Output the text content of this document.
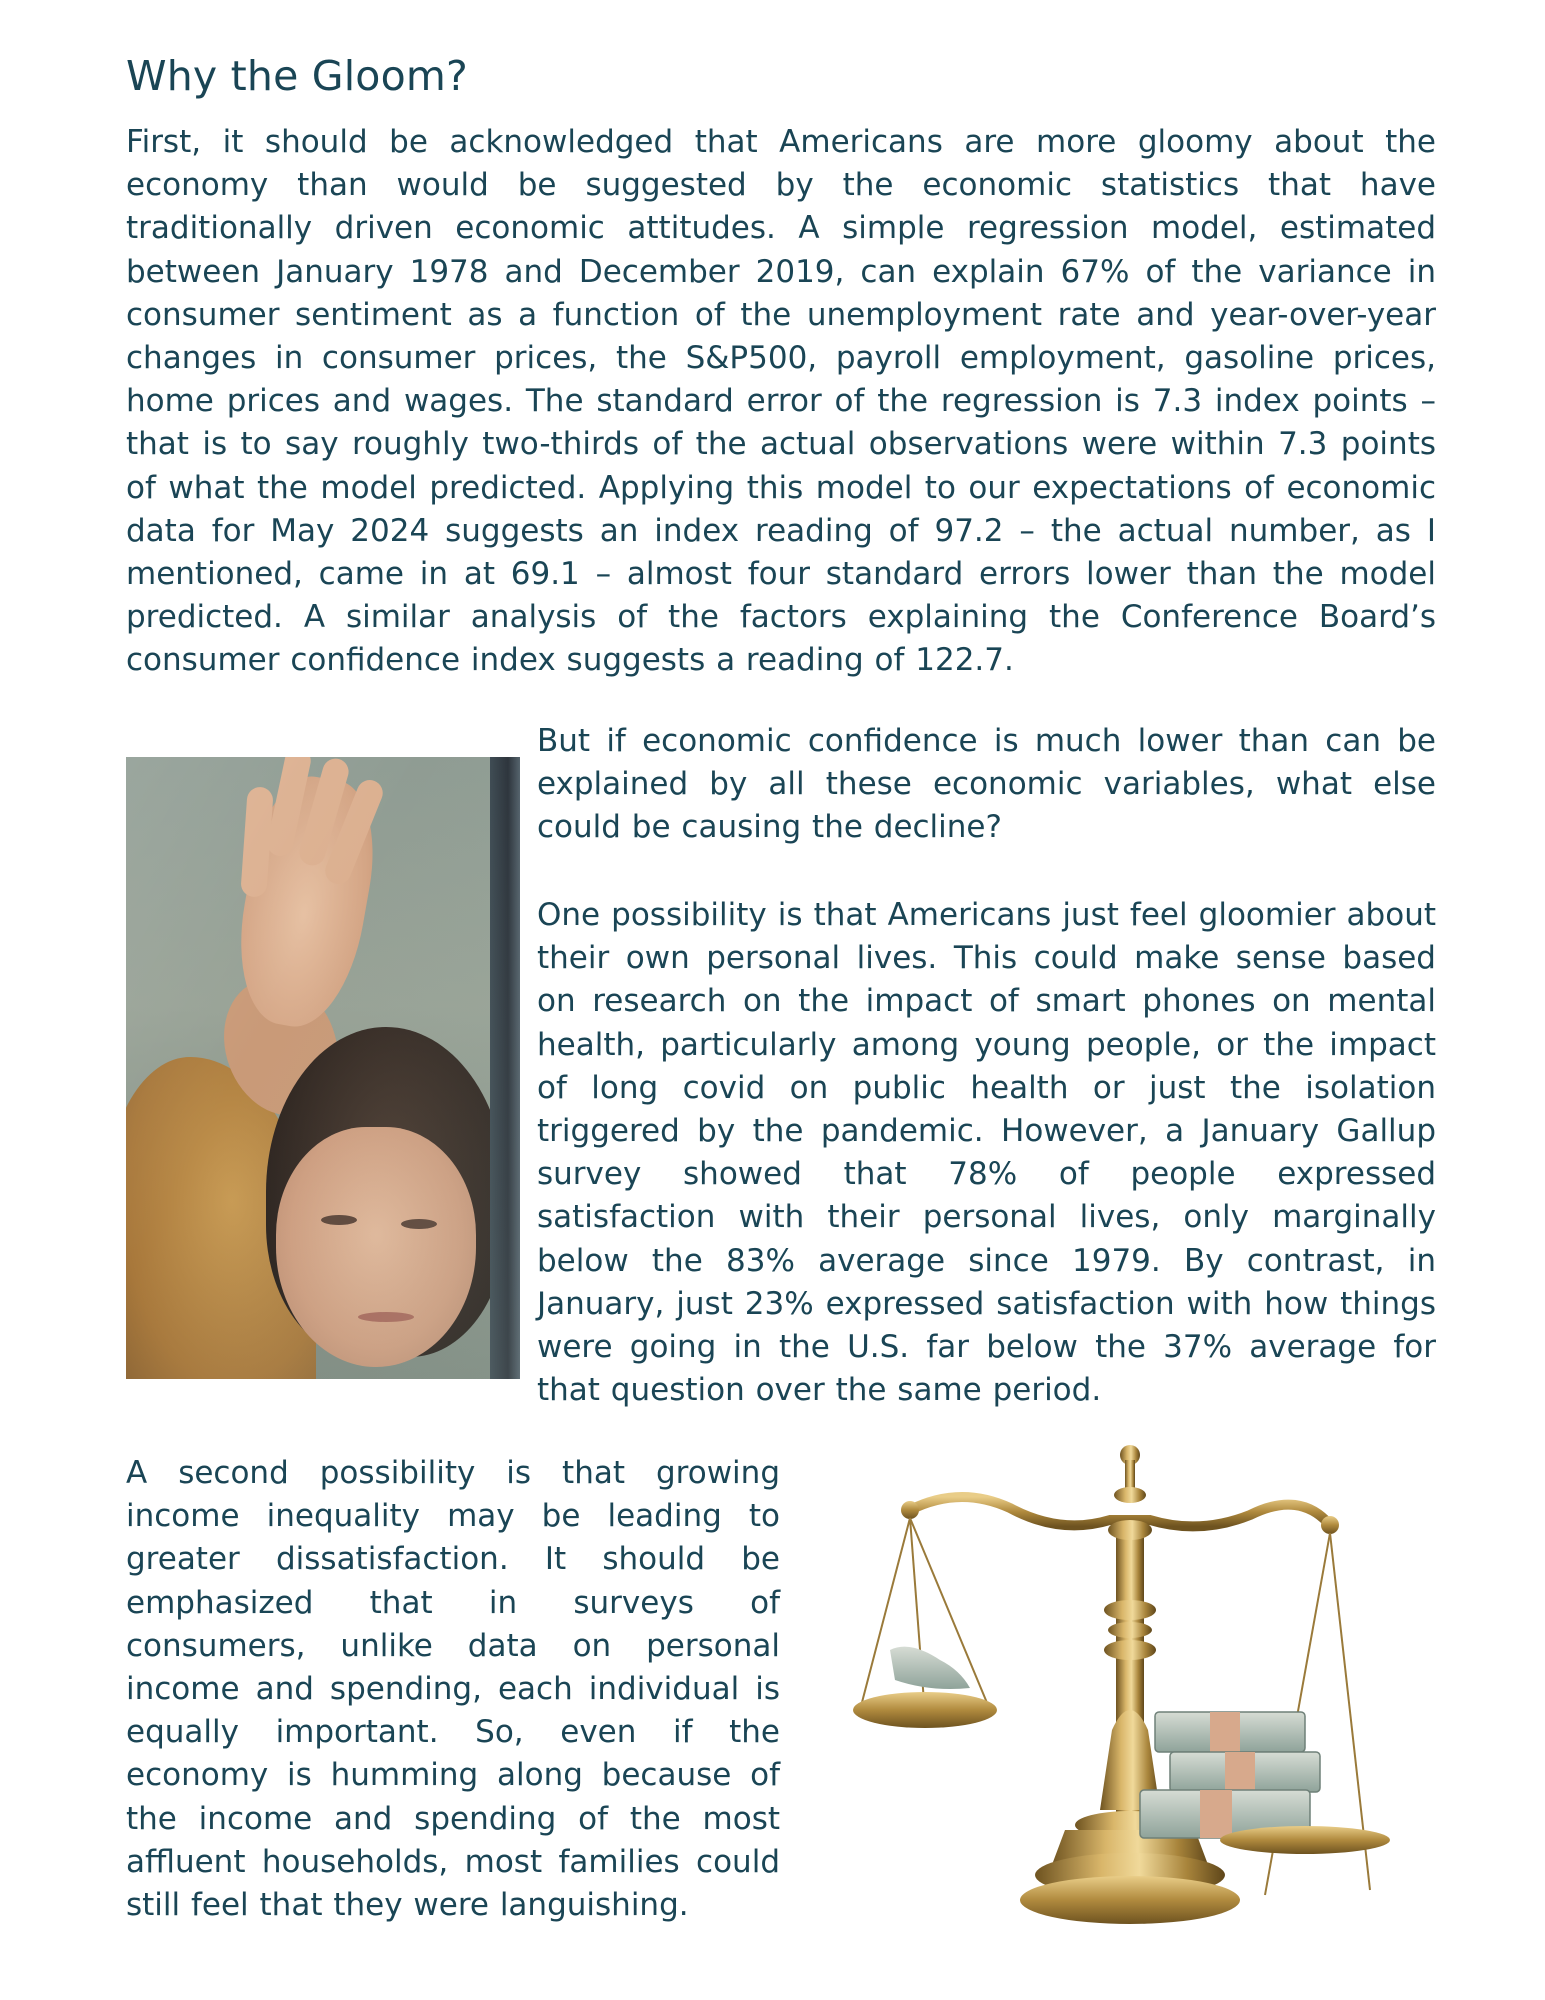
Why the Gloom?

First, it should be acknowledged that Americans are more gloomy about the economy than would be suggested by the economic statistics that have traditionally driven economic attitudes. A simple regression model, estimated between January 1978 and December 2019, can explain 67% of the variance in consumer sentiment as a function of the unemployment rate and year-over-year changes in consumer prices, the S&P500, payroll employment, gasoline prices, home prices and wages. The standard error of the regression is 7.3 index points – that is to say roughly two-thirds of the actual observations were within 7.3 points of what the model predicted. Applying this model to our expectations of economic data for May 2024 suggests an index reading of 97.2 – the actual number, as I mentioned, came in at 69.1 – almost four standard errors lower than the model predicted. A similar analysis of the factors explaining the Conference Board’s consumer confidence index suggests a reading of 122.7.

But if economic confidence is much lower than can be explained by all these economic variables, what else could be causing the decline?

One possibility is that Americans just feel gloomier about their own personal lives. This could make sense based on research on the impact of smart phones on mental health, particularly among young people, or the impact of long covid on public health or just the isolation triggered by the pandemic. However, a January Gallup survey showed that 78% of people expressed satisfaction with their personal lives, only marginally below the 83% average since 1979. By contrast, in January, just 23% expressed satisfaction with how things were going in the U.S. far below the 37% average for that question over the same period.

A second possibility is that growing income inequality may be leading to greater dissatisfaction. It should be emphasized that in surveys of consumers, unlike data on personal income and spending, each individual is equally important. So, even if the economy is humming along because of the income and spending of the most affluent households, most families could still feel that they were languishing.
